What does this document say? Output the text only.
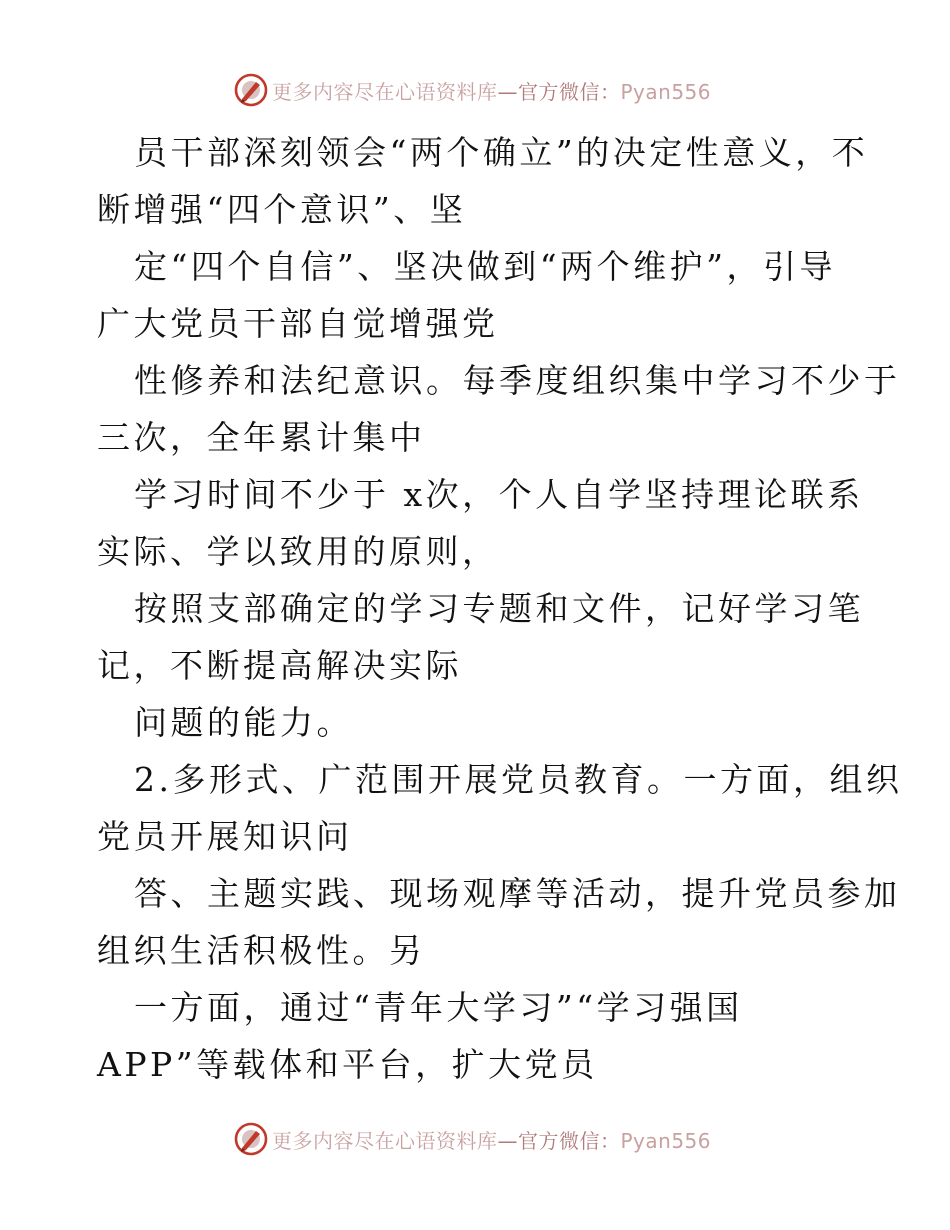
更多内容尽在心语资料库—官方微信：Pyan556
员干部深刻领会“两个确立”的决定性意义，不
断增强“四个意识”、坚
定“四个自信”、坚决做到“两个维护”，引导
广大党员干部自觉增强党
性修养和法纪意识。每季度组织集中学习不少于
三次，全年累计集中
学习时间不少于 x次，个人自学坚持理论联系
实际、学以致用的原则，
按照支部确定的学习专题和文件，记好学习笔
记，不断提高解决实际
问题的能力。
2.多形式、广范围开展党员教育。一方面，组织
党员开展知识问
答、主题实践、现场观摩等活动，提升党员参加
组织生活积极性。另
一方面，通过“青年大学习”“学习强国
APP”等载体和平台，扩大党员
更多内容尽在心语资料库—官方微信：Pyan556
